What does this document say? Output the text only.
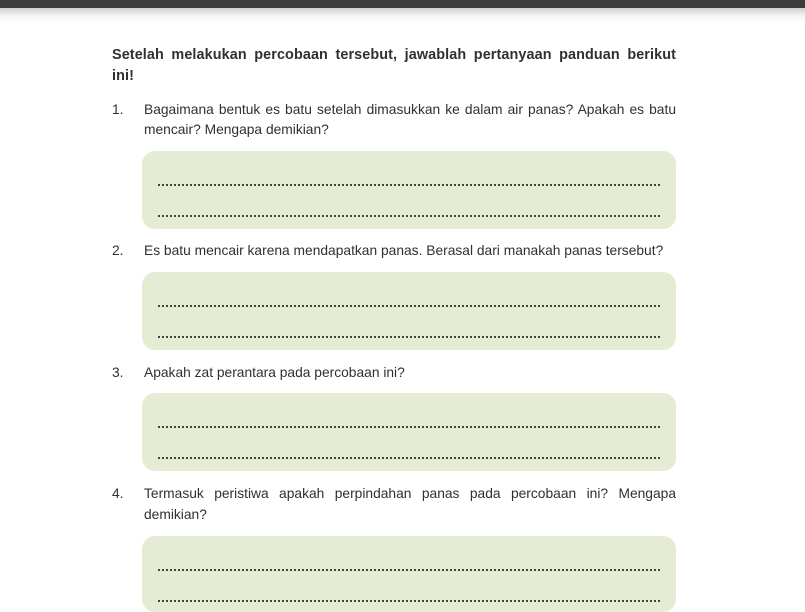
Setelah melakukan percobaan tersebut, jawablah pertanyaan panduan berikut ini!

1.	Bagaimana bentuk es batu setelah dimasukkan ke dalam air panas? Apakah es batu mencair? Mengapa demikian?
2.	Es batu mencair karena mendapatkan panas. Berasal dari manakah panas tersebut?
3.	Apakah zat perantara pada percobaan ini?
4.	Termasuk peristiwa apakah perpindahan panas pada percobaan ini? Mengapa demikian?
